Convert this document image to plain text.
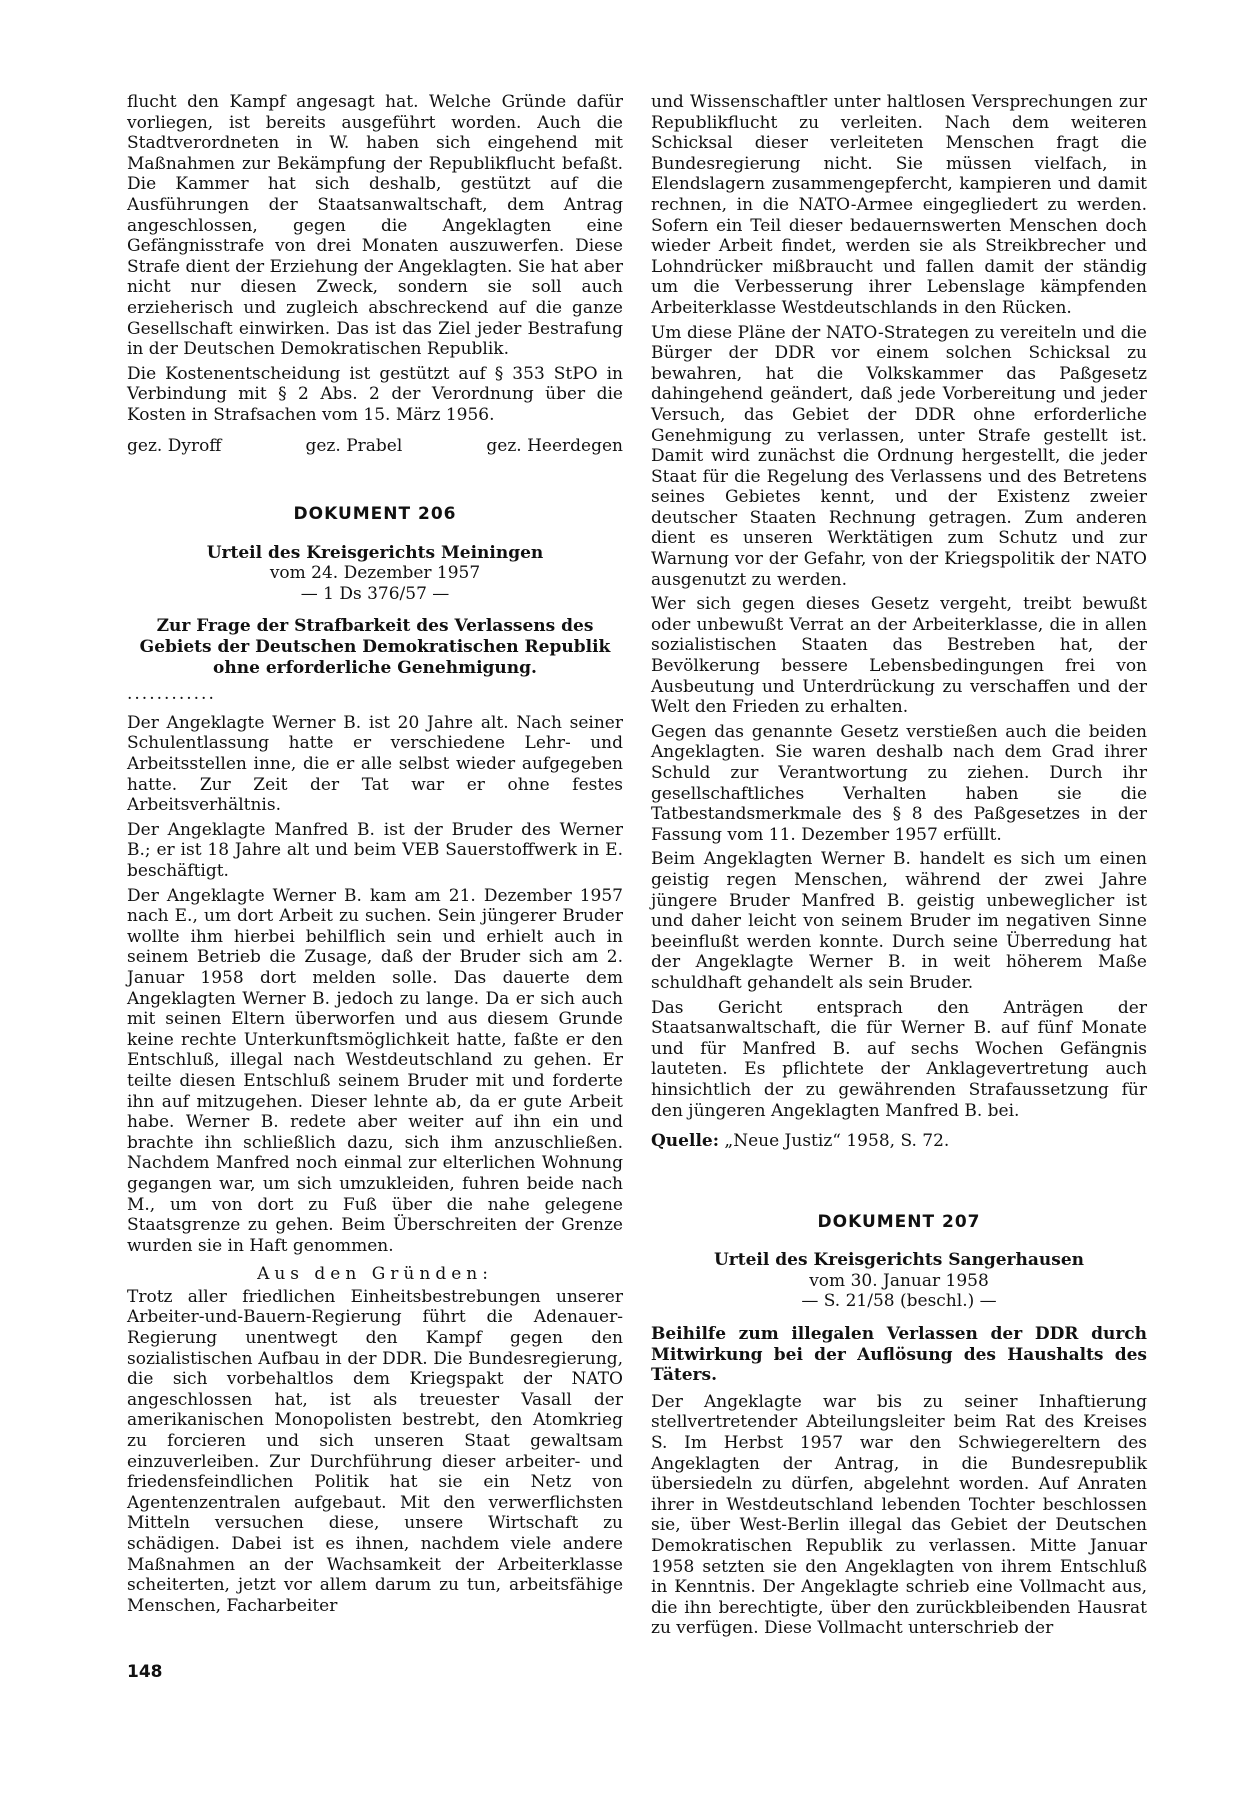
flucht den Kampf angesagt hat. Welche Gründe dafür vorliegen, ist bereits ausgeführt worden. Auch die Stadtverordneten in W. haben sich eingehend mit Maßnahmen zur Bekämpfung der Republikflucht befaßt. Die Kammer hat sich deshalb, gestützt auf die Ausführungen der Staatsanwaltschaft, dem Antrag angeschlossen, gegen die Angeklagten eine Gefängnisstrafe von drei Monaten auszuwerfen. Diese Strafe dient der Erziehung der Angeklagten. Sie hat aber nicht nur diesen Zweck, sondern sie soll auch erzieherisch und zugleich abschreckend auf die ganze Gesellschaft einwirken. Das ist das Ziel jeder Bestrafung in der Deutschen Demokratischen Republik.

Die Kostenentscheidung ist gestützt auf § 353 StPO in Verbindung mit § 2 Abs. 2 der Verordnung über die Kosten in Strafsachen vom 15. März 1956.

gez. Dyroff	gez. Prabel	gez. Heerdegen
DOKUMENT 206

Urteil des Kreisgerichts Meiningen

vom 24. Dezember 1957

— 1 Ds 376/57 —

Zur Frage der Strafbarkeit des Verlassens des Gebiets der Deutschen Demokratischen Republik ohne erforderliche Genehmigung.

............

Der Angeklagte Werner B. ist 20 Jahre alt. Nach seiner Schulentlassung hatte er verschiedene Lehr- und Arbeitsstellen inne, die er alle selbst wieder aufgegeben hatte. Zur Zeit der Tat war er ohne festes Arbeitsverhältnis.

Der Angeklagte Manfred B. ist der Bruder des Werner B.; er ist 18 Jahre alt und beim VEB Sauerstoffwerk in E. beschäftigt.

Der Angeklagte Werner B. kam am 21. Dezember 1957 nach E., um dort Arbeit zu suchen. Sein jüngerer Bruder wollte ihm hierbei behilflich sein und erhielt auch in seinem Betrieb die Zusage, daß der Bruder sich am 2. Januar 1958 dort melden solle. Das dauerte dem Angeklagten Werner B. jedoch zu lange. Da er sich auch mit seinen Eltern überworfen und aus diesem Grunde keine rechte Unterkunftsmöglichkeit hatte, faßte er den Entschluß, illegal nach Westdeutschland zu gehen. Er teilte diesen Entschluß seinem Bruder mit und forderte ihn auf mitzugehen. Dieser lehnte ab, da er gute Arbeit habe. Werner B. redete aber weiter auf ihn ein und brachte ihn schließlich dazu, sich ihm anzuschließen. Nachdem Manfred noch einmal zur elterlichen Wohnung gegangen war, um sich umzukleiden, fuhren beide nach M., um von dort zu Fuß über die nahe gelegene Staatsgrenze zu gehen. Beim Überschreiten der Grenze wurden sie in Haft genommen.

Aus den Gründen:

Trotz aller friedlichen Einheitsbestrebungen unserer Arbeiter-und-Bauern-Regierung führt die Adenauer-Regierung unentwegt den Kampf gegen den sozialistischen Aufbau in der DDR. Die Bundesregierung, die sich vorbehaltlos dem Kriegspakt der NATO angeschlossen hat, ist als treuester Vasall der amerikanischen Monopolisten bestrebt, den Atomkrieg zu forcieren und sich unseren Staat gewaltsam einzuverleiben. Zur Durchführung dieser arbeiter- und friedensfeindlichen Politik hat sie ein Netz von Agentenzentralen aufgebaut. Mit den verwerflichsten Mitteln versuchen diese, unsere Wirtschaft zu schädigen. Dabei ist es ihnen, nachdem viele andere Maßnahmen an der Wachsamkeit der Arbeiterklasse scheiterten, jetzt vor allem darum zu tun, arbeitsfähige Menschen, Facharbeiter

und Wissenschaftler unter haltlosen Versprechungen zur Republikflucht zu verleiten. Nach dem weiteren Schicksal dieser verleiteten Menschen fragt die Bundesregierung nicht. Sie müssen vielfach, in Elendslagern zusammengepfercht, kampieren und damit rechnen, in die NATO-Armee eingegliedert zu werden. Sofern ein Teil dieser bedauernswerten Menschen doch wieder Arbeit findet, werden sie als Streikbrecher und Lohndrücker mißbraucht und fallen damit der ständig um die Verbesserung ihrer Lebenslage kämpfenden Arbeiterklasse Westdeutschlands in den Rücken.

Um diese Pläne der NATO-Strategen zu vereiteln und die Bürger der DDR vor einem solchen Schicksal zu bewahren, hat die Volkskammer das Paßgesetz dahingehend geändert, daß jede Vorbereitung und jeder Versuch, das Gebiet der DDR ohne erforderliche Genehmigung zu verlassen, unter Strafe gestellt ist. Damit wird zunächst die Ordnung hergestellt, die jeder Staat für die Regelung des Verlassens und des Betretens seines Gebietes kennt, und der Existenz zweier deutscher Staaten Rechnung getragen. Zum anderen dient es unseren Werktätigen zum Schutz und zur Warnung vor der Gefahr, von der Kriegspolitik der NATO ausgenutzt zu werden.

Wer sich gegen dieses Gesetz vergeht, treibt bewußt oder unbewußt Verrat an der Arbeiterklasse, die in allen sozialistischen Staaten das Bestreben hat, der Bevölkerung bessere Lebensbedingungen frei von Ausbeutung und Unterdrückung zu verschaffen und der Welt den Frieden zu erhalten.

Gegen das genannte Gesetz verstießen auch die beiden Angeklagten. Sie waren deshalb nach dem Grad ihrer Schuld zur Verantwortung zu ziehen. Durch ihr gesellschaftliches Verhalten haben sie die Tatbestandsmerkmale des § 8 des Paßgesetzes in der Fassung vom 11. Dezember 1957 erfüllt.

Beim Angeklagten Werner B. handelt es sich um einen geistig regen Menschen, während der zwei Jahre jüngere Bruder Manfred B. geistig unbeweglicher ist und daher leicht von seinem Bruder im negativen Sinne beeinflußt werden konnte. Durch seine Überredung hat der Angeklagte Werner B. in weit höherem Maße schuldhaft gehandelt als sein Bruder.

Das Gericht entsprach den Anträgen der Staatsanwaltschaft, die für Werner B. auf fünf Monate und für Manfred B. auf sechs Wochen Gefängnis lauteten. Es pflichtete der Anklagevertretung auch hinsichtlich der zu gewährenden Strafaussetzung für den jüngeren Angeklagten Manfred B. bei.

Quelle: „Neue Justiz“ 1958, S. 72.

DOKUMENT 207

Urteil des Kreisgerichts Sangerhausen

vom 30. Januar 1958

— S. 21/58 (beschl.) —

Beihilfe zum illegalen Verlassen der DDR durch Mitwirkung bei der Auflösung des Haushalts des Täters.

Der Angeklagte war bis zu seiner Inhaftierung stellvertretender Abteilungsleiter beim Rat des Kreises S. Im Herbst 1957 war den Schwiegereltern des Angeklagten der Antrag, in die Bundesrepublik übersiedeln zu dürfen, abgelehnt worden. Auf Anraten ihrer in Westdeutschland lebenden Tochter beschlossen sie, über West-Berlin illegal das Gebiet der Deutschen Demokratischen Republik zu verlassen. Mitte Januar 1958 setzten sie den Angeklagten von ihrem Entschluß in Kenntnis. Der Angeklagte schrieb eine Vollmacht aus, die ihn berechtigte, über den zurückbleibenden Hausrat zu verfügen. Diese Vollmacht unterschrieb der

148
